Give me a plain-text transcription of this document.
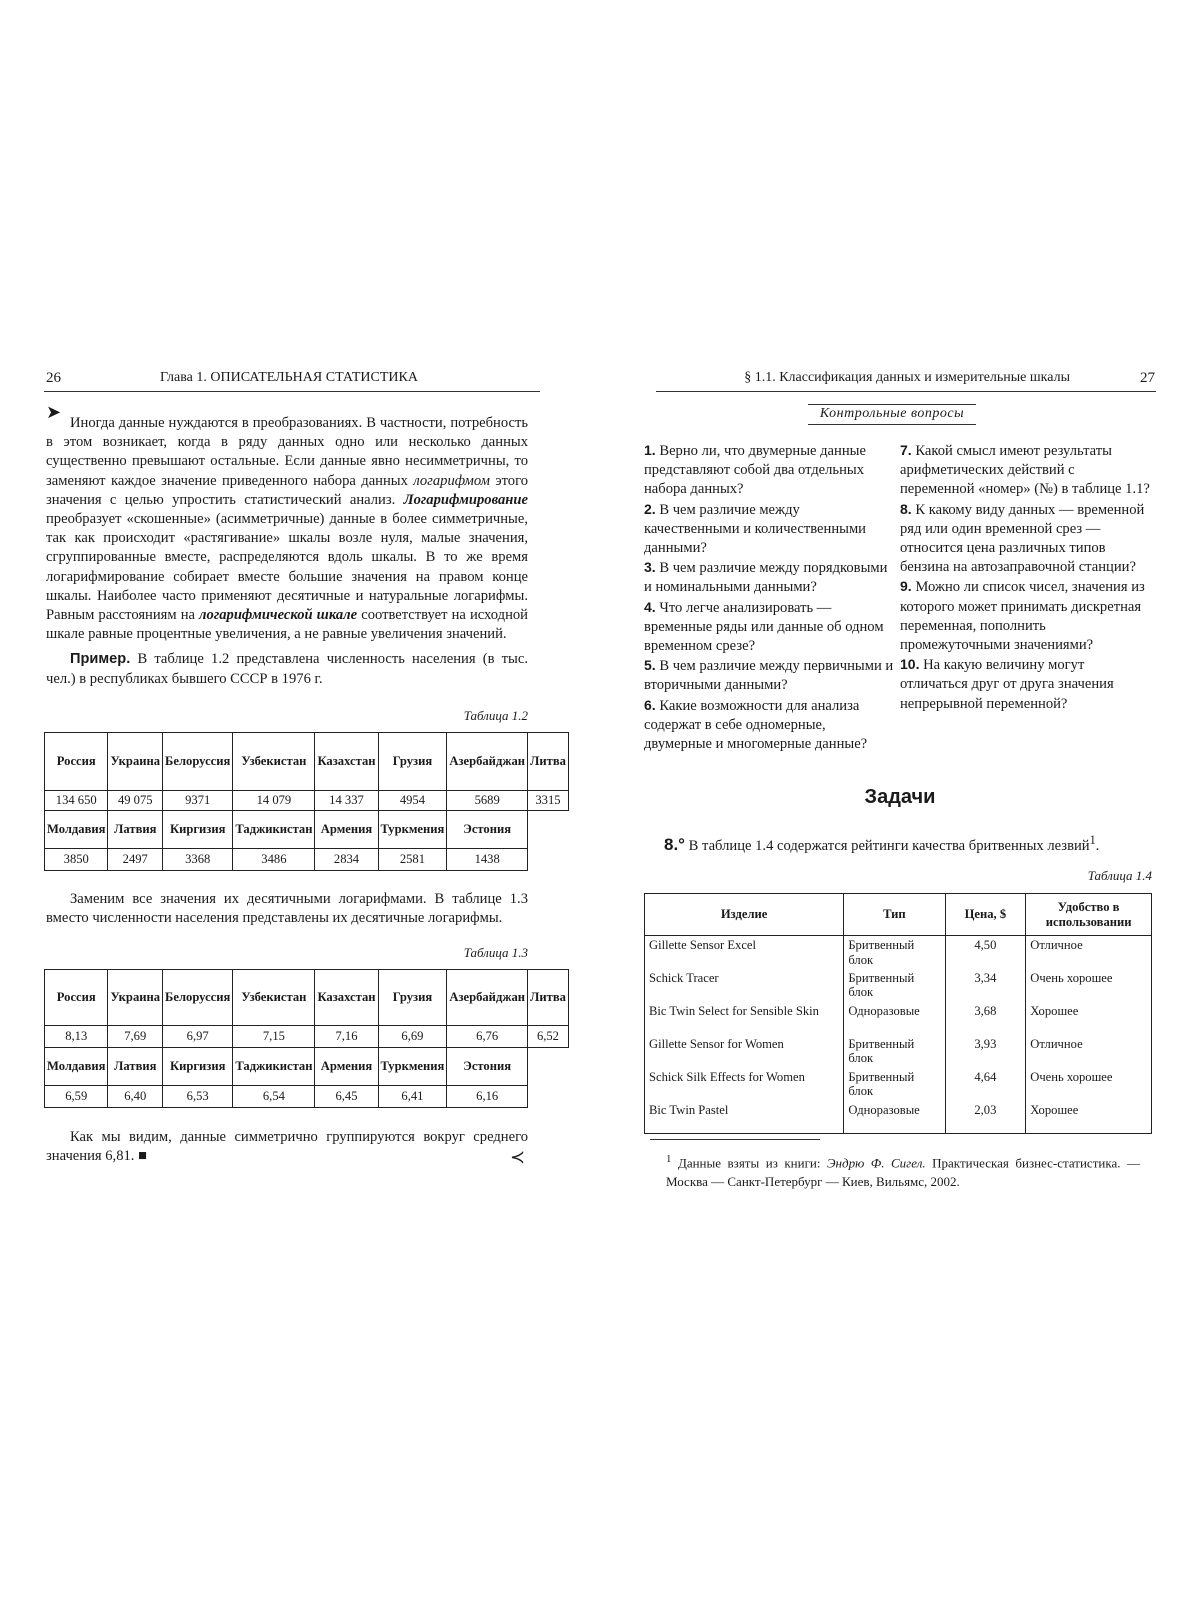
26	Глава 1. ОПИСАТЕЛЬНАЯ СТАТИСТИКА
➤

Иногда данные нуждаются в преобразованиях. В частности, потребность в этом возникает, когда в ряду данных одно или несколько данных существенно превышают остальные. Если данные явно несимметричны, то заменяют каждое значение приведенного набора данных логарифмом этого значения с целью упростить статистический анализ. Логарифмирование преобразует «скошенные» (асимметричные) данные в более симметричные, так как происходит «растягивание» шкалы возле нуля, малые значения, сгруппированные вместе, распределяются вдоль шкалы. В то же время логарифмирование собирает вместе большие значения на правом конце шкалы. Наиболее часто применяют десятичные и натуральные логарифмы. Равным расстояниям на логарифмической шкале соответствует на исходной шкале равные процентные увеличения, а не равные увеличения значений.

Пример. В таблице 1.2 представлена численность населения (в тыс. чел.) в республиках бывшего СССР в 1976 г.

Таблица 1.2
Россия	Украина	Белоруссия	Узбекистан	Казахстан	Грузия	Азербайджан	Литва
134 650	49 075	9371	14 079	14 337	4954	5689	3315
Молдавия	Латвия	Киргизия	Таджикистан	Армения	Туркмения	Эстония	
3850	2497	3368	3486	2834	2581	1438	

Заменим все значения их десятичными логарифмами. В таблице 1.3 вместо численности населения представлены их десятичные логарифмы.

Таблица 1.3
Россия	Украина	Белоруссия	Узбекистан	Казахстан	Грузия	Азербайджан	Литва
8,13	7,69	6,97	7,15	7,16	6,69	6,76	6,52
Молдавия	Латвия	Киргизия	Таджикистан	Армения	Туркмения	Эстония	
6,59	6,40	6,53	6,54	6,45	6,41	6,16	

Как мы видим, данные симметрично группируются вокруг среднего значения 6,81. ■	≺
§ 1.1. Классификация данных и измерительные шкалы	27
Контрольные вопросы

1. Верно ли, что двумерные данные представляют собой два отдельных набора данных?

2. В чем различие между качественными и количественными данными?

3. В чем различие между порядковыми и номинальными данными?

4. Что легче анализировать — временные ряды или данные об одном временном срезе?

5. В чем различие между первичными и вторичными данными?

6. Какие возможности для анализа содержат в себе одномерные, двумерные и многомерные данные?

7. Какой смысл имеют результаты арифметических действий с переменной «номер» (№) в таблице 1.1?

8. К какому виду данных — временной ряд или один временной срез — относится цена различных типов бензина на автозаправочной станции?

9. Можно ли список чисел, значения из которого может принимать дискретная переменная, пополнить промежуточными значениями?

10. На какую величину могут отличаться друг от друга значения непрерывной переменной?

Задачи
8.° В таблице 1.4 содержатся рейтинги качества бритвенных лезвий$^1$.
Таблица 1.4
Изделие	Тип	Цена, $	Удобство в использовании
Gillette Sensor Excel	Бритвенный блок	4,50	Отличное
Schick Tracer	Бритвенный блок	3,34	Очень хорошее
Bic Twin Select for Sensible Skin	Одноразовые	3,68	Хорошее
Gillette Sensor for Women	Бритвенный блок	3,93	Отличное
Schick Silk Effects for Women	Бритвенный блок	4,64	Очень хорошее
Bic Twin Pastel	Одноразовые	2,03	Хорошее
$^1$ Данные взяты из книги: Эндрю Ф. Сигел. Практическая бизнес-статистика. — Москва — Санкт-Петербург — Киев, Вильямс, 2002.
